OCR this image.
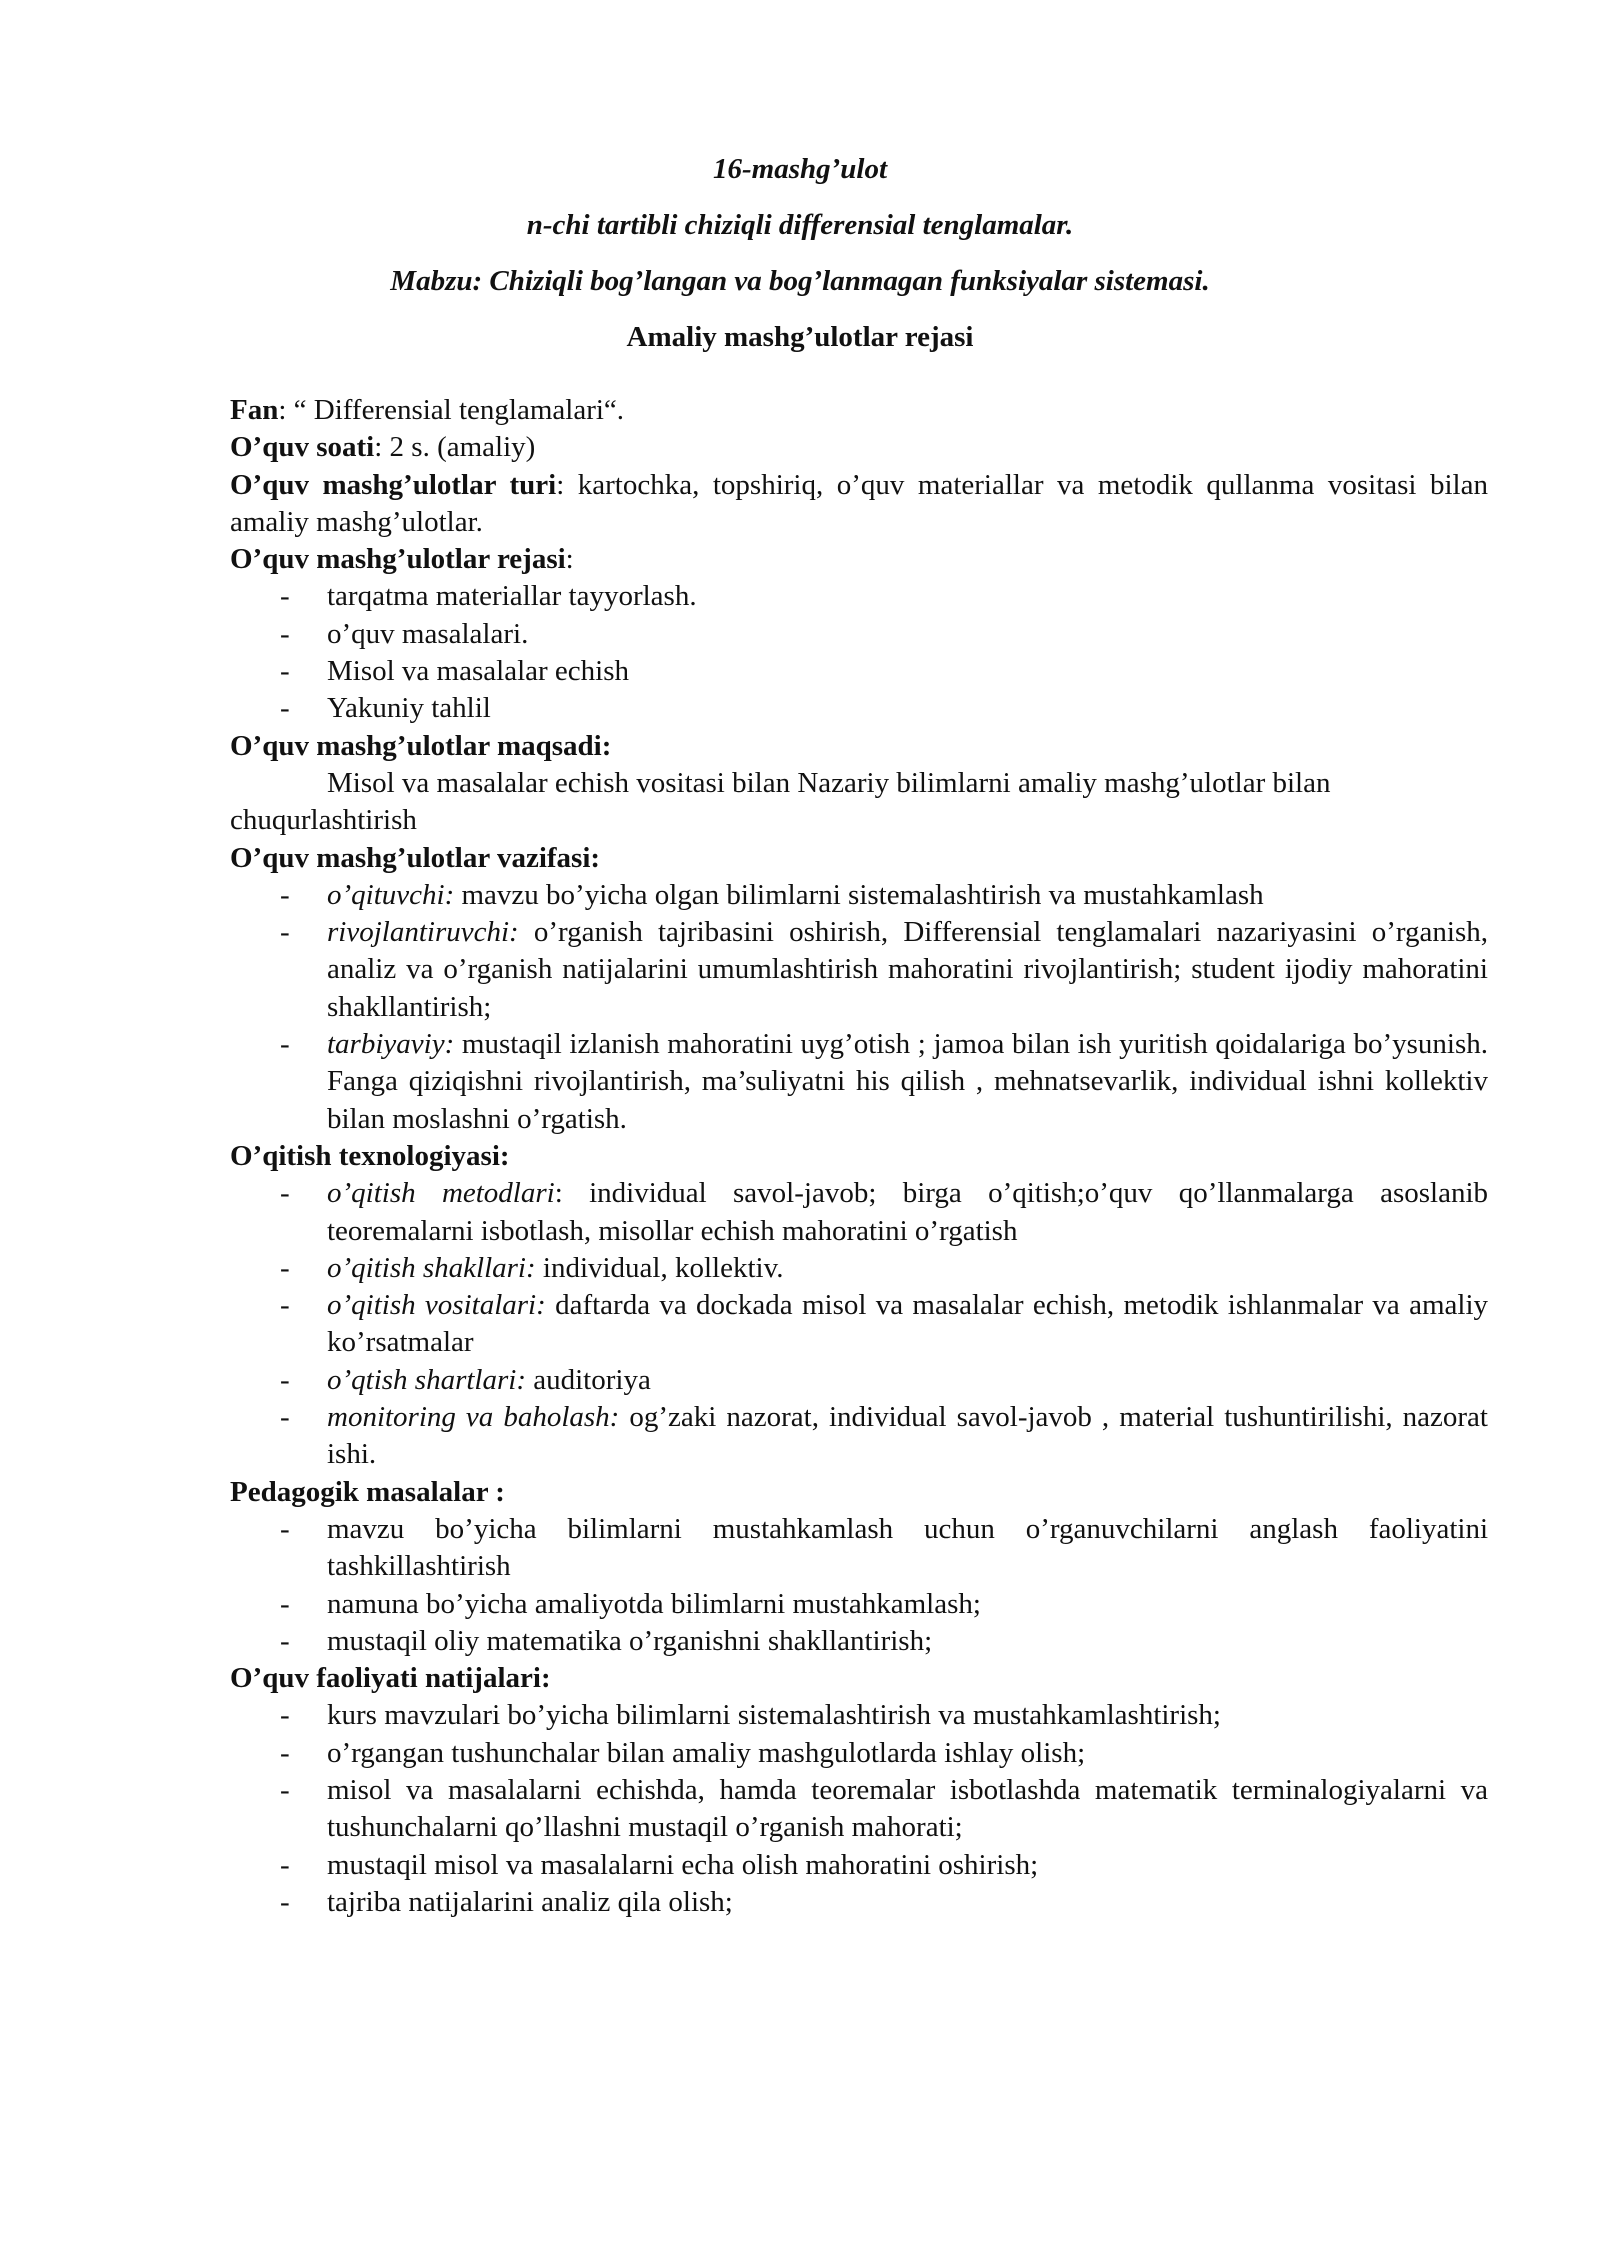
16-mashg’ulot

n-chi tartibli chiziqli differensial tenglamalar.

Mabzu: Chiziqli bog’langan va bog’lanmagan funksiyalar sistemasi.

Amaliy mashg’ulotlar rejasi

Fan: “ Differensial tenglamalari“.

O’quv soati: 2 s. (amaliy)

O’quv mashg’ulotlar turi: kartochka, topshiriq, o’quv materiallar va metodik qullanma vositasi bilan amaliy mashg’ulotlar.

O’quv mashg’ulotlar rejasi:

- tarqatma materiallar tayyorlash.
- o’quv masalalari.
- Misol va masalalar echish
- Yakuniy tahlil

O’quv mashg’ulotlar maqsadi:

Misol va masalalar echish vositasi bilan Nazariy bilimlarni amaliy mashg’ulotlar bilan chuqurlashtirish

O’quv mashg’ulotlar vazifasi:

- o’qituvchi: mavzu bo’yicha olgan bilimlarni sistemalashtirish va mustahkamlash
- rivojlantiruvchi: o’rganish tajribasini oshirish, Differensial tenglamalari nazariyasini o’rganish, analiz va o’rganish natijalarini umumlashtirish mahoratini rivojlantirish; student ijodiy mahoratini shakllantirish;
- tarbiyaviy: mustaqil izlanish mahoratini uyg’otish ; jamoa bilan ish yuritish qoidalariga bo’ysunish. Fanga qiziqishni rivojlantirish, ma’suliyatni his qilish , mehnatsevarlik, individual ishni kollektiv bilan moslashni o’rgatish.

O’qitish texnologiyasi:

- o’qitish metodlari: individual savol-javob; birga o’qitish;o’quv qo’llanmalarga asoslanib teoremalarni isbotlash, misollar echish mahoratini o’rgatish
- o’qitish shakllari: individual, kollektiv.
- o’qitish vositalari: daftarda va dockada misol va masalalar echish, metodik ishlanmalar va amaliy ko’rsatmalar
- o’qtish shartlari: auditoriya
- monitoring va baholash: og’zaki nazorat, individual savol-javob , material tushuntirilishi, nazorat ishi.

Pedagogik masalalar :

- mavzu bo’yicha bilimlarni mustahkamlash uchun o’rganuvchilarni anglash faoliyatini tashkillashtirish
- namuna bo’yicha amaliyotda bilimlarni mustahkamlash;
- mustaqil oliy matematika o’rganishni shakllantirish;

O’quv faoliyati natijalari:

- kurs mavzulari bo’yicha bilimlarni sistemalashtirish va mustahkamlashtirish;
- o’rgangan tushunchalar bilan amaliy mashgulotlarda ishlay olish;
- misol va masalalarni echishda, hamda teoremalar isbotlashda matematik terminalogiyalarni va tushunchalarni qo’llashni mustaqil o’rganish mahorati;
- mustaqil misol va masalalarni echa olish mahoratini oshirish;
- tajriba natijalarini analiz qila olish;
